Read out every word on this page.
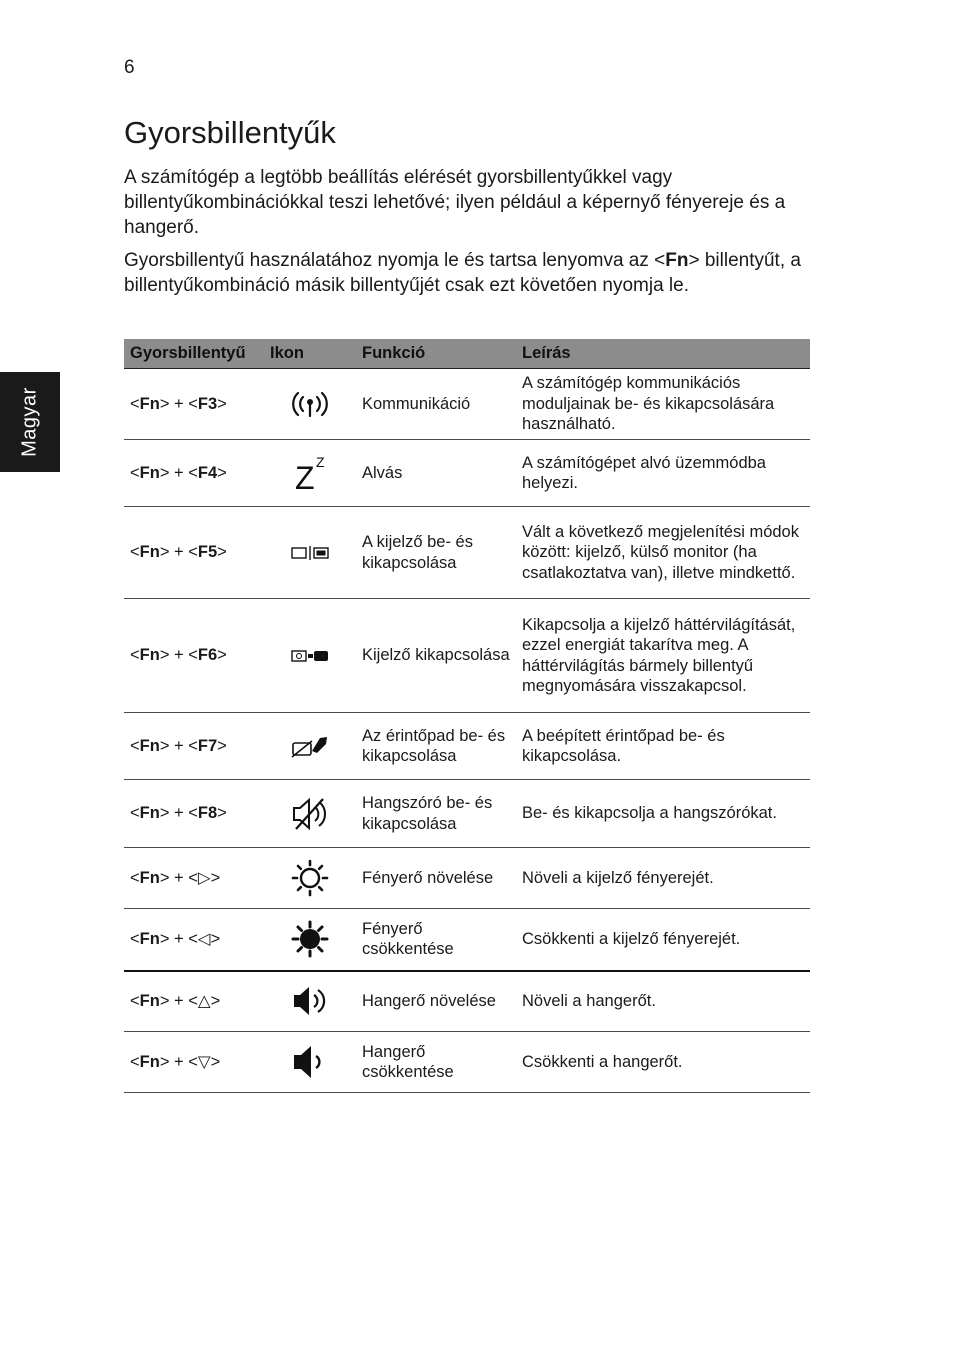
6
Magyar
Gyorsbillentyűk

A számítógép a legtöbb beállítás elérését gyorsbillentyűkkel vagy billentyűkombinációkkal teszi lehetővé; ilyen például a képernyő fényereje és a hangerő.

Gyorsbillentyű használatához nyomja le és tartsa lenyomva az <Fn> billentyűt, a billentyűkombináció másik billentyűjét csak ezt követően nyomja le.

Gyorsbillentyű	Ikon	Funkció	Leírás
<Fn> + <F3>		Kommunikáció	A számítógép kommunikációs moduljainak be- és kikapcsolására használható.
<Fn> + <F4>	Z Z	Alvás	A számítógépet alvó üzemmódba helyezi.
<Fn> + <F5>		A kijelző be- és kikapcsolása	Vált a következő megjelenítési módok között: kijelző, külső monitor (ha csatlakoztatva van), illetve mindkettő.
<Fn> + <F6>		Kijelző kikapcsolása	Kikapcsolja a kijelző háttérvilágítását, ezzel energiát takarítva meg. A háttérvilágítás bármely billentyű megnyomására visszakapcsol.
<Fn> + <F7>		Az érintőpad be- és kikapcsolása	A beépített érintőpad be- és kikapcsolása.
<Fn> + <F8>		Hangszóró be- és kikapcsolása	Be- és kikapcsolja a hangszórókat.
<Fn> + <▷>		Fényerő növelése	Növeli a kijelző fényerejét.
<Fn> + <◁>		Fényerő csökkentése	Csökkenti a kijelző fényerejét.
<Fn> + <△>		Hangerő növelése	Növeli a hangerőt.
<Fn> + <▽>		Hangerő csökkentése	Csökkenti a hangerőt.
